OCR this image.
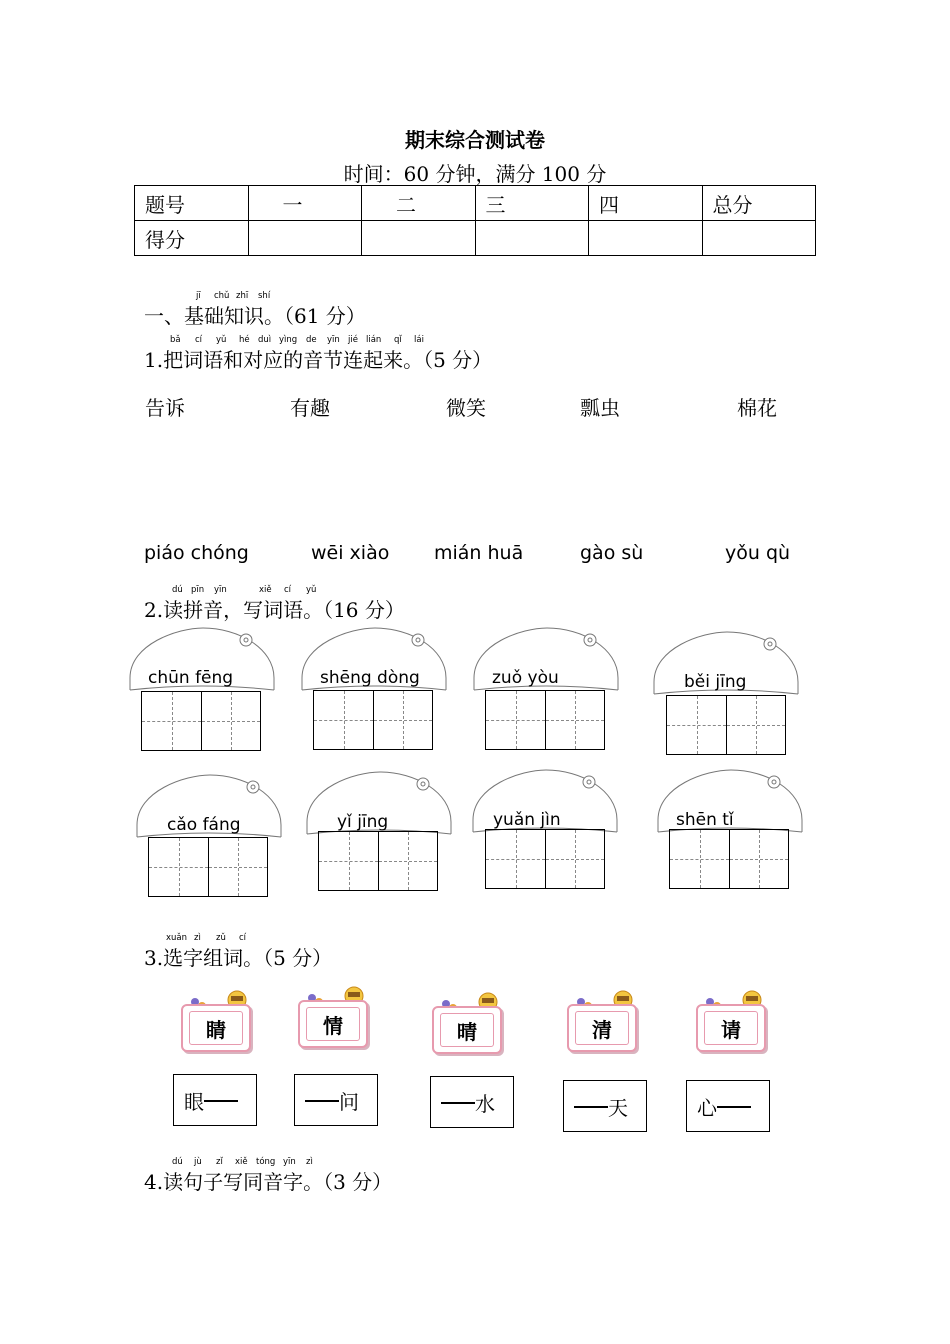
期末综合测试卷
时间：60 分钟，满分 100 分
题号	一	二	三	四	总分
得分					
jī chǔ zhī shí
一、基础知识。（61 分）
bǎ cí yǔ hé duì yìng de yīn jié lián qǐ lái
1.把词语和对应的音节连起来。（5 分）
告诉	有趣	微笑	瓢虫	棉花
piáo chóng	wēi xiào mián huā	gào sù	yǒu qù
dú pīn yīn	xiě cí yǔ
2.读拼音，写词语。（16 分）
chūn fēng	shēng dòng	zuǒ yòu	běi jīng
cǎo fáng	yǐ jīng	yuǎn jìn	shēn tǐ
xuǎn zì zǔ cí
3.选字组词。（5 分）
睛	情	晴	清	请
眼	问	水	天	心
dú jù zǐ xiě tóng yīn zì
4.读句子写同音字。（3 分）
